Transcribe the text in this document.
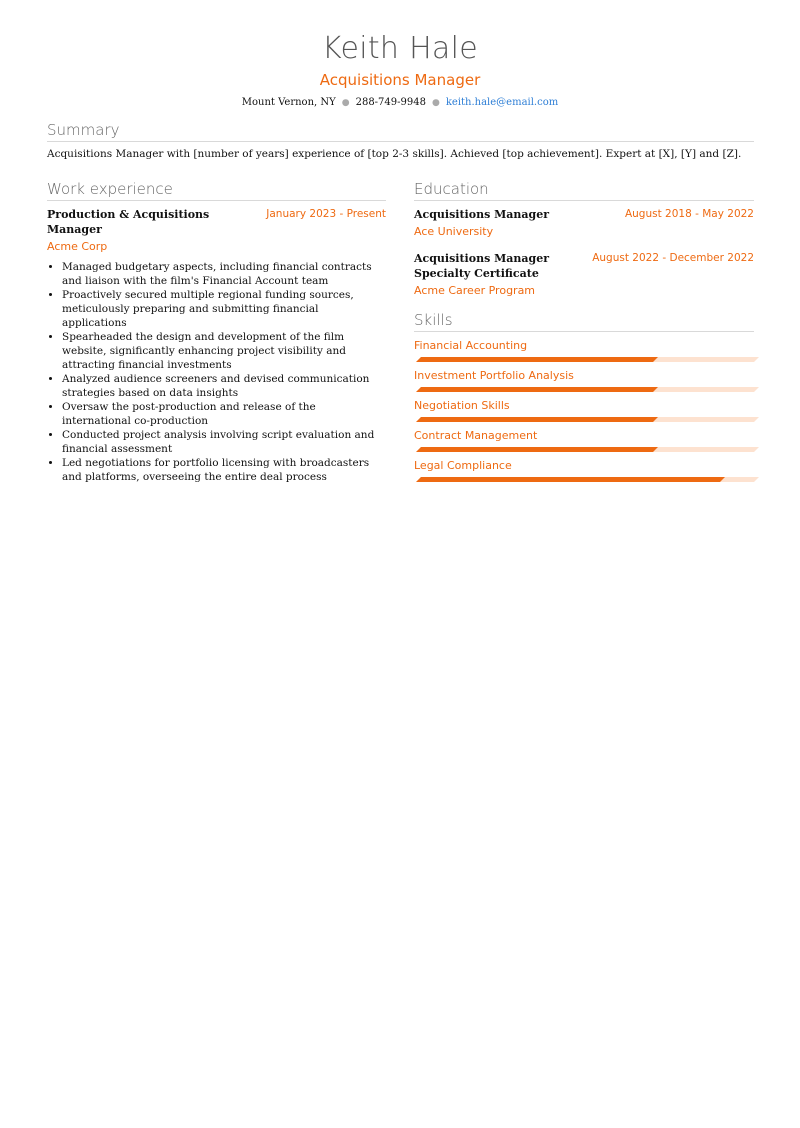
Keith Hale
Acquisitions Manager
Mount Vernon, NY ● 288-749-9948 ● keith.hale@email.com
Summary
Acquisitions Manager with [number of years] experience of [top 2-3 skills]. Achieved [top achievement]. Expert at [X], [Y] and [Z].
Work experience
Production & Acquisitions Manager
January 2023 - Present
Acme Corp
• Managed budgetary aspects, including financial contracts and liaison with the film's Financial Account team
• Proactively secured multiple regional funding sources, meticulously preparing and submitting financial applications
• Spearheaded the design and development of the film website, significantly enhancing project visibility and attracting financial investments
• Analyzed audience screeners and devised communication strategies based on data insights
• Oversaw the post-production and release of the international co-production
• Conducted project analysis involving script evaluation and financial assessment
• Led negotiations for portfolio licensing with broadcasters and platforms, overseeing the entire deal process
Education
Acquisitions Manager	August 2018 - May 2022
Ace University
Acquisitions Manager Specialty Certificate
August 2022 - December 2022
Acme Career Program
Skills
Financial Accounting
Investment Portfolio Analysis
Negotiation Skills
Contract Management
Legal Compliance
